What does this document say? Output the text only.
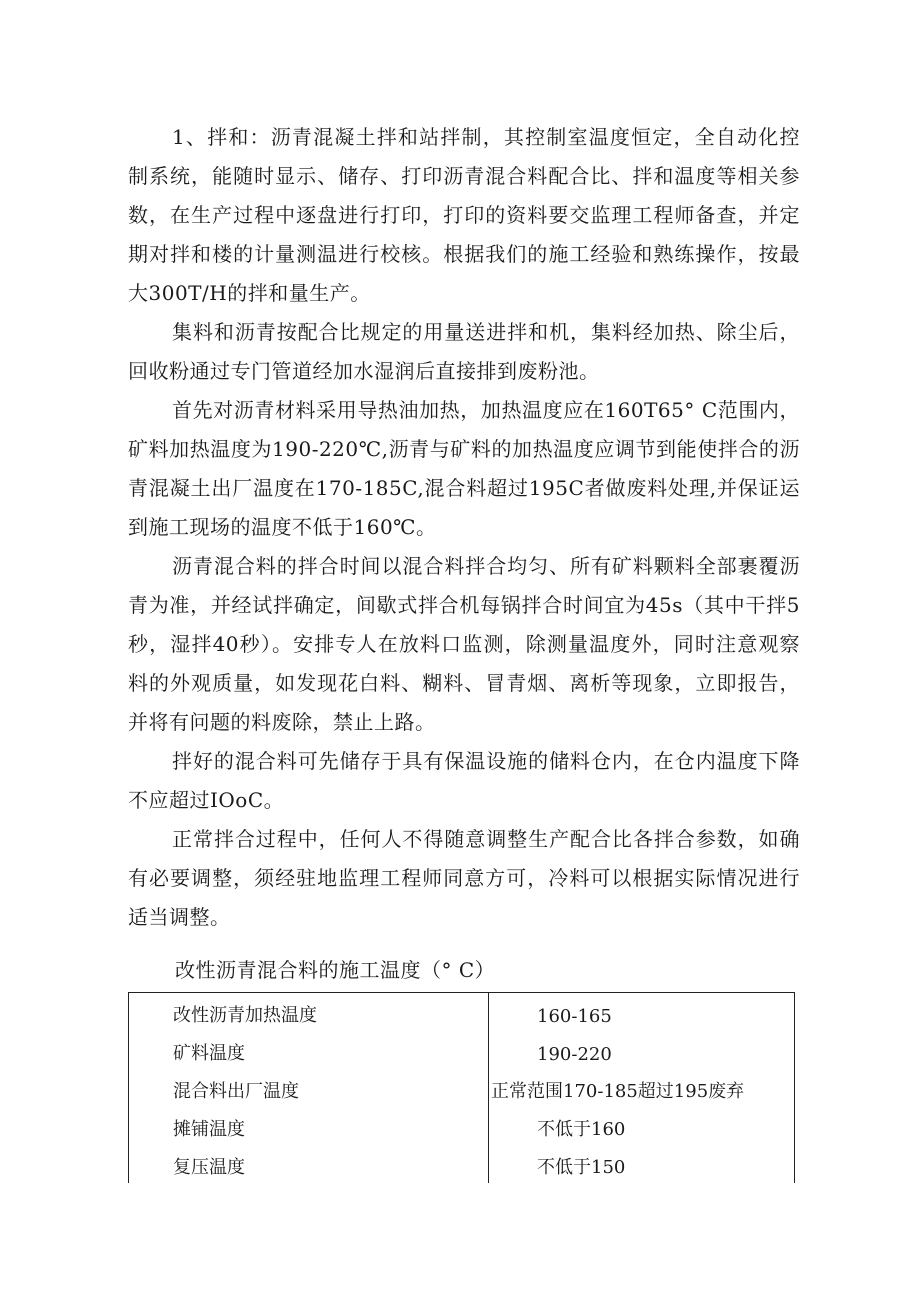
1、拌和：沥青混凝土拌和站拌制，其控制室温度恒定，全自动化控制系统，能随时显示、储存、打印沥青混合料配合比、拌和温度等相关参数，在生产过程中逐盘进行打印，打印的资料要交监理工程师备查，并定期对拌和楼的计量测温进行校核。根据我们的施工经验和熟练操作，按最大300T/H的拌和量生产。

集料和沥青按配合比规定的用量送进拌和机，集料经加热、除尘后，回收粉通过专门管道经加水湿润后直接排到废粉池。

首先对沥青材料采用导热油加热，加热温度应在160T65° C范围内，矿料加热温度为190-220℃,沥青与矿料的加热温度应调节到能使拌合的沥青混凝土出厂温度在170-185C,混合料超过195C者做废料处理,并保证运到施工现场的温度不低于160℃。

沥青混合料的拌合时间以混合料拌合均匀、所有矿料颗料全部裹覆沥青为准，并经试拌确定，间歇式拌合机每锅拌合时间宜为45s（其中干拌5秒，湿拌40秒）。安排专人在放料口监测，除测量温度外，同时注意观察料的外观质量，如发现花白料、糊料、冒青烟、离析等现象，立即报告，并将有问题的料废除，禁止上路。

拌好的混合料可先储存于具有保温设施的储料仓内，在仓内温度下降不应超过IOoC。

正常拌合过程中，任何人不得随意调整生产配合比各拌合参数，如确有必要调整，须经驻地监理工程师同意方可，冷料可以根据实际情况进行适当调整。

改性沥青混合料的施工温度（° C）

改性沥青加热温度	160-165
矿料温度	190-220
混合料出厂温度	正常范围170-185超过195废弃
摊铺温度	不低于160
复压温度	不低于150
